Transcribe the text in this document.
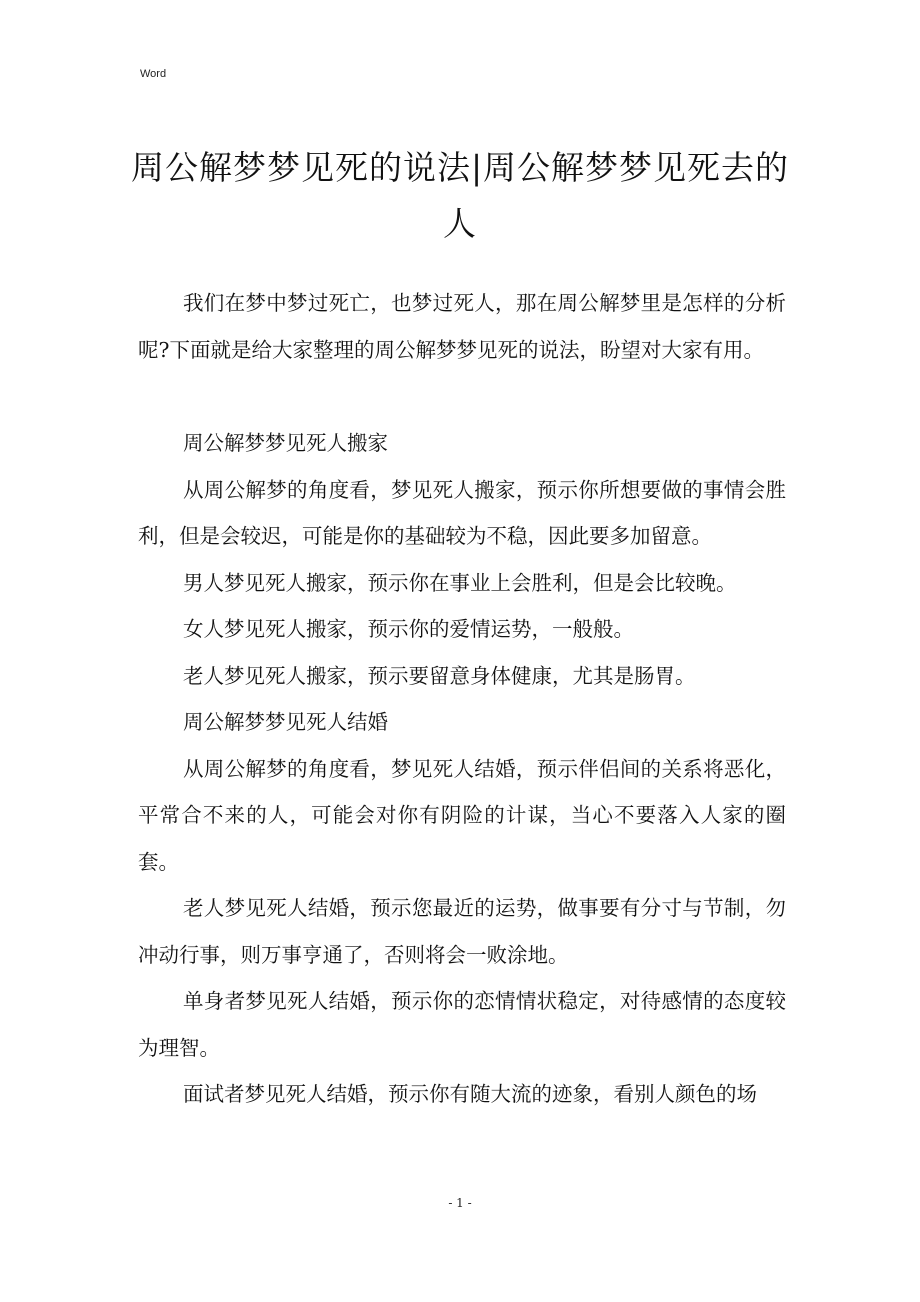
Word
周公解梦梦见死的说法|周公解梦梦见死去的人

我们在梦中梦过死亡，也梦过死人，那在周公解梦里是怎样的分析呢?下面就是给大家整理的周公解梦梦见死的说法，盼望对大家有用。

周公解梦梦见死人搬家

从周公解梦的角度看，梦见死人搬家，预示你所想要做的事情会胜利，但是会较迟，可能是你的基础较为不稳，因此要多加留意。

男人梦见死人搬家，预示你在事业上会胜利，但是会比较晚。

女人梦见死人搬家，预示你的爱情运势，一般般。

老人梦见死人搬家，预示要留意身体健康，尤其是肠胃。

周公解梦梦见死人结婚

从周公解梦的角度看，梦见死人结婚，预示伴侣间的关系将恶化，平常合不来的人，可能会对你有阴险的计谋，当心不要落入人家的圈套。

老人梦见死人结婚，预示您最近的运势，做事要有分寸与节制，勿冲动行事，则万事亨通了，否则将会一败涂地。

单身者梦见死人结婚，预示你的恋情情状稳定，对待感情的态度较为理智。

面试者梦见死人结婚，预示你有随大流的迹象，看别人颜色的场

- 1 -
